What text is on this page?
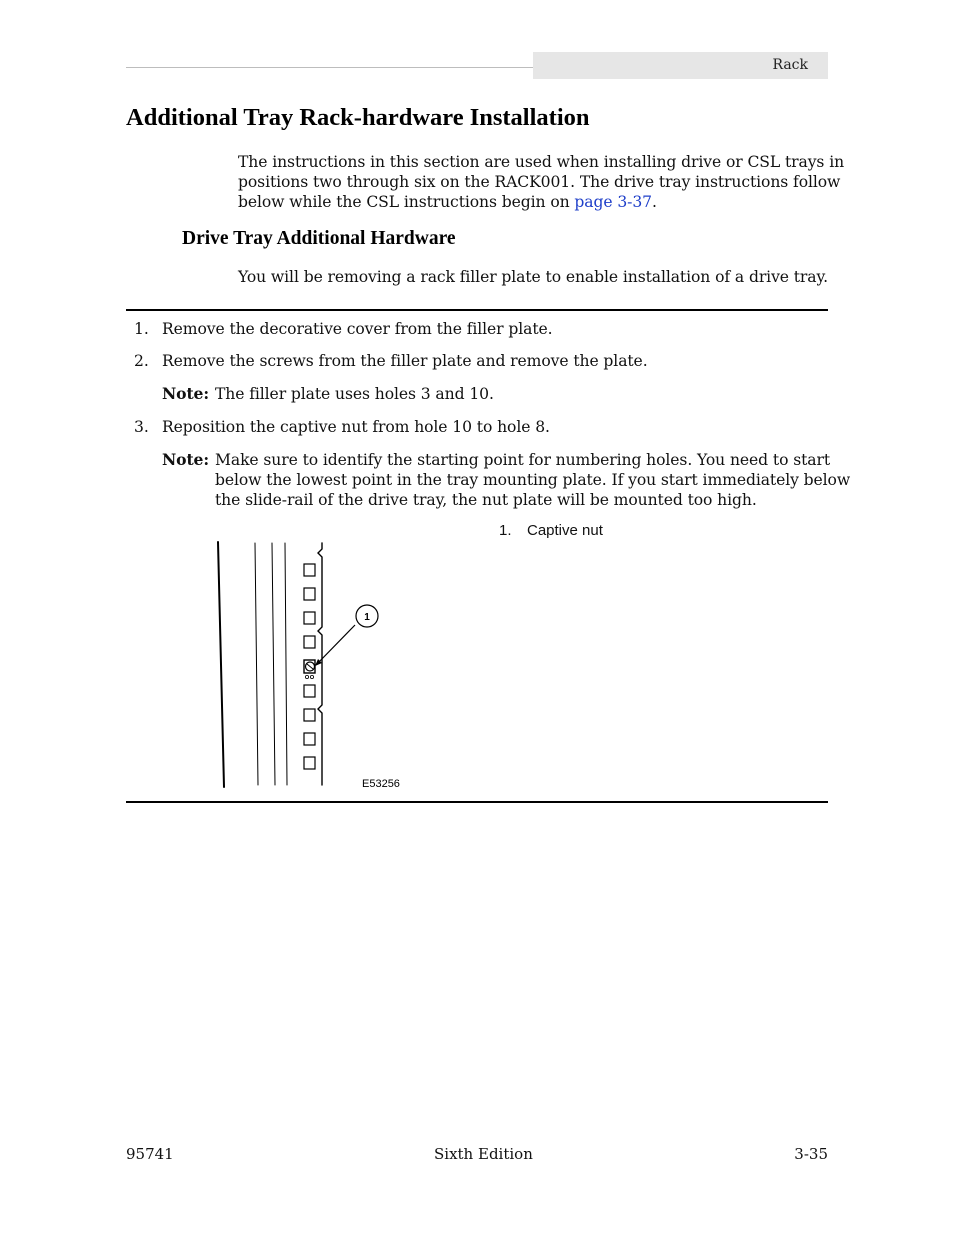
Rack
Additional Tray Rack-hardware Installation
The instructions in this section are used when installing drive or CSL trays in
positions two through six on the RACK001. The drive tray instructions follow
below while the CSL instructions begin on page 3-37.
Drive Tray Additional Hardware
You will be removing a rack filler plate to enable installation of a drive tray.
1. Remove the decorative cover from the filler plate.
2. Remove the screws from the filler plate and remove the plate.
Note: The filler plate uses holes 3 and 10.
3. Reposition the captive nut from hole 10 to hole 8.
Note: Make sure to identify the starting point for numbering holes. You need to start
below the lowest point in the tray mounting plate. If you start immediately below
the slide-rail of the drive tray, the nut plate will be mounted too high.
1. Captive nut
1
E53256
95741	Sixth Edition	3-35
